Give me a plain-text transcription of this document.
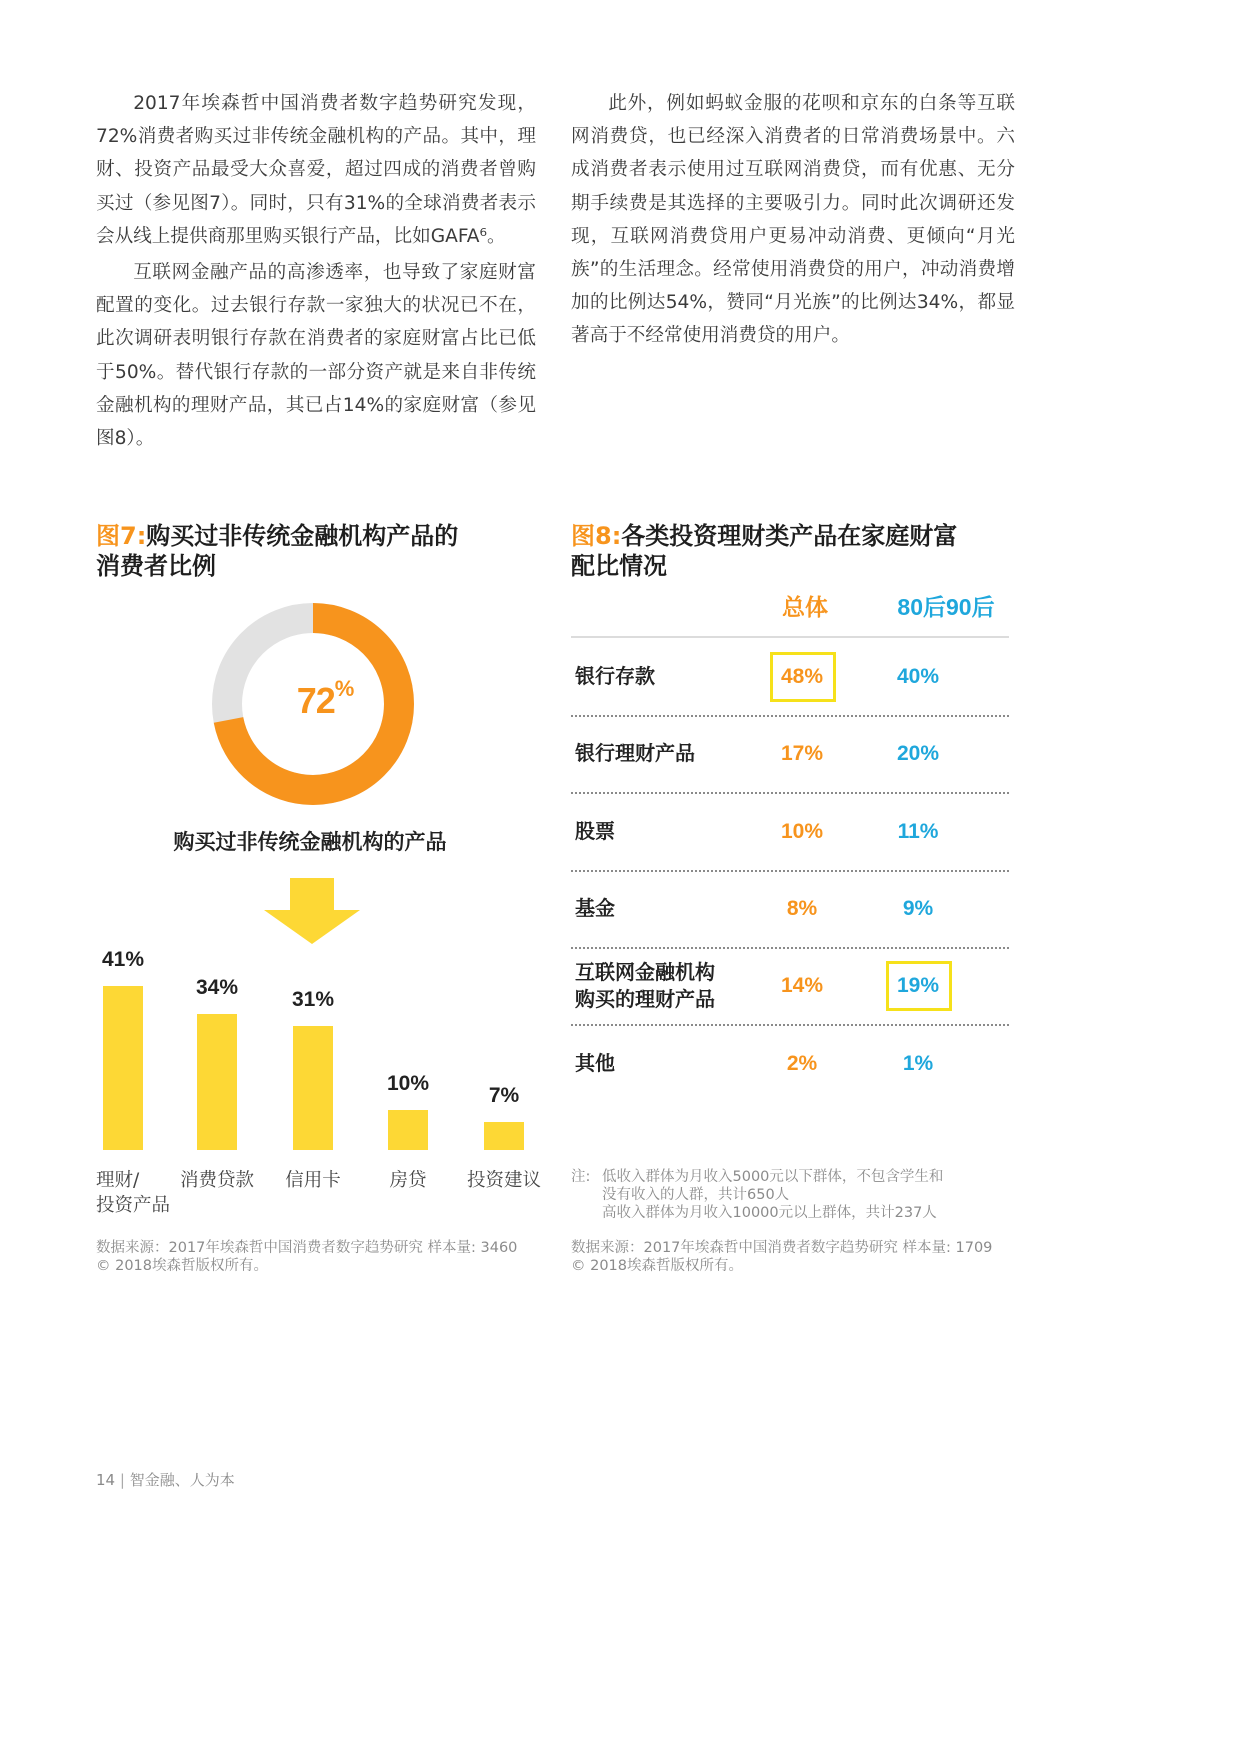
2017年埃森哲中国消费者数字趋势研究发现，72%消费者购买过非传统金融机构的产品。其中，理财、投资产品最受大众喜爱，超过四成的消费者曾购买过（参见图7）。同时，只有31%的全球消费者表示会从线上提供商那里购买银行产品，比如GAFA⁶。

互联网金融产品的高渗透率，也导致了家庭财富配置的变化。过去银行存款一家独大的状况已不在，此次调研表明银行存款在消费者的家庭财富占比已低于50%。替代银行存款的一部分资产就是来自非传统金融机构的理财产品，其已占14%的家庭财富（参见图8）。

此外，例如蚂蚁金服的花呗和京东的白条等互联网消费贷，也已经深入消费者的日常消费场景中。六成消费者表示使用过互联网消费贷，而有优惠、无分期手续费是其选择的主要吸引力。同时此次调研还发现，互联网消费贷用户更易冲动消费、更倾向“月光族”的生活理念。经常使用消费贷的用户，冲动消费增加的比例达54%，赞同“月光族”的比例达34%，都显著高于不经常使用消费贷的用户。

图7:购买过非传统金融机构产品的
消费者比例
72%
购买过非传统金融机构的产品
41%
理财/
投资产品
34%
消费贷款
31%
信用卡
10%
房贷
7%
投资建议
数据来源：2017年埃森哲中国消费者数字趋势研究 样本量: 3460
© 2018埃森哲版权所有。
图8:各类投资理财类产品在家庭财富
配比情况
总体	80后90后
银行存款	48%	40%
银行理财产品	17%	20%
股票	10%	11%
基金	8%	9%
互联网金融机构
购买的理财产品
14%	19%
其他	2%	1%
注: 低收入群体为月收入5000元以下群体，不包含学生和
没有收入的人群，共计650人
高收入群体为月收入10000元以上群体，共计237人
数据来源：2017年埃森哲中国消费者数字趋势研究 样本量: 1709
© 2018埃森哲版权所有。
14 | 智金融、人为本
